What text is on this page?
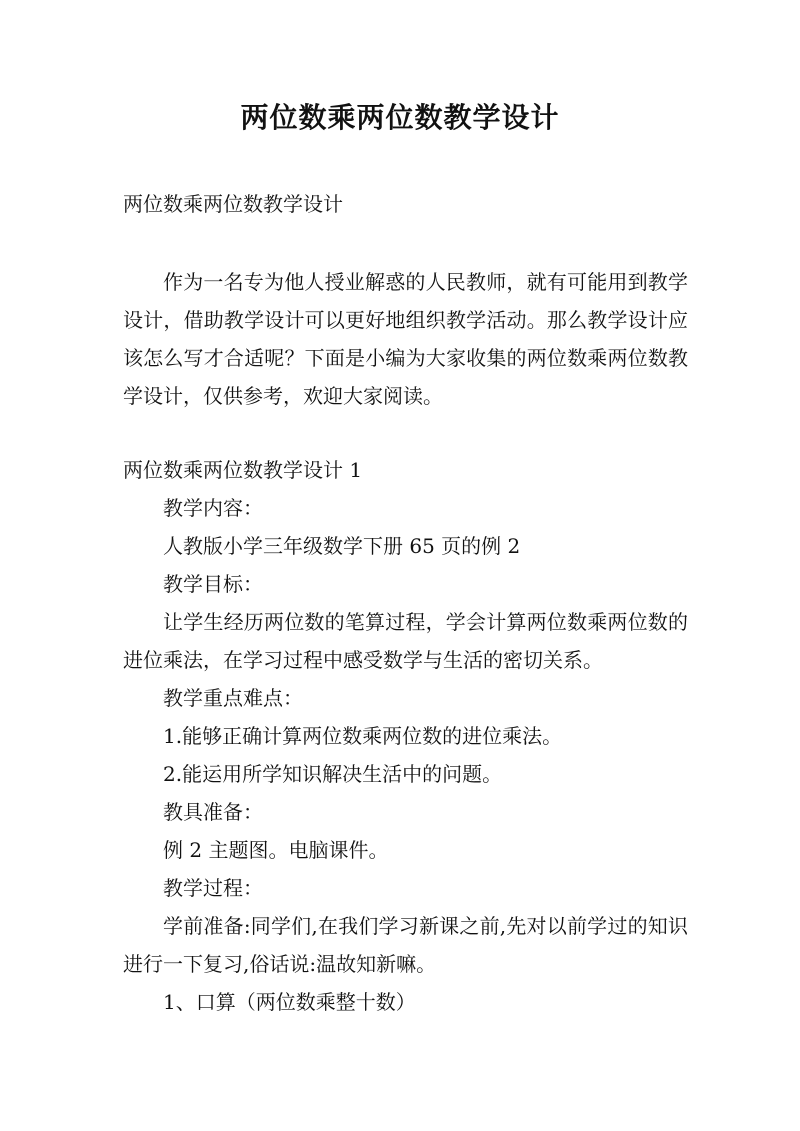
两位数乘两位数教学设计
两位数乘两位数教学设计

作为一名专为他人授业解惑的人民教师，就有可能用到教学设计，借助教学设计可以更好地组织教学活动。那么教学设计应该怎么写才合适呢？下面是小编为大家收集的两位数乘两位数教学设计，仅供参考，欢迎大家阅读。

两位数乘两位数教学设计 1

教学内容：

人教版小学三年级数学下册 65 页的例 2

教学目标：

让学生经历两位数的笔算过程，学会计算两位数乘两位数的进位乘法，在学习过程中感受数学与生活的密切关系。

教学重点难点：

1.能够正确计算两位数乘两位数的进位乘法。

2.能运用所学知识解决生活中的问题。

教具准备：

例 2 主题图。电脑课件。

教学过程：

学前准备:同学们,在我们学习新课之前,先对以前学过的知识进行一下复习,俗话说:温故知新嘛。

1、口算（两位数乘整十数）
